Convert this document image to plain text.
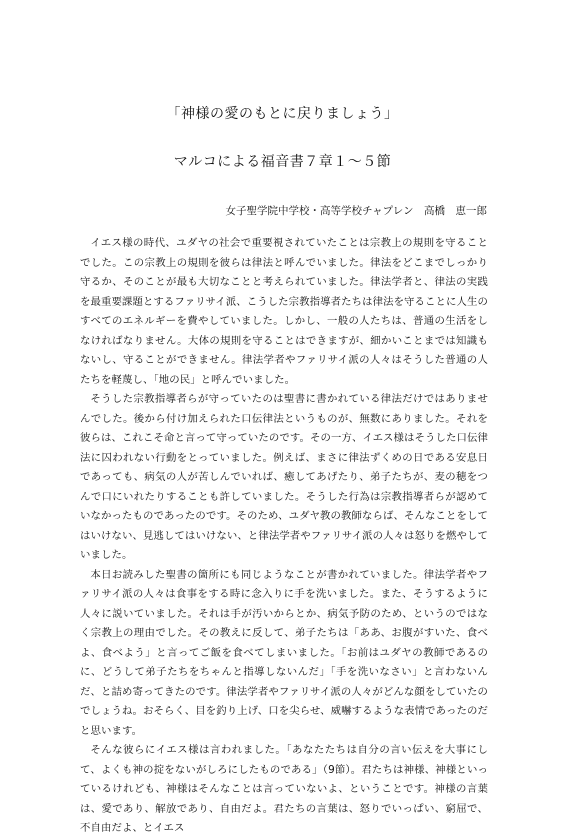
「神様の愛のもとに戻りましょう」
マルコによる福音書７章１～５節
女子聖学院中学校・高等学校チャプレン　高橋　恵一郎

イエス様の時代、ユダヤの社会で重要視されていたことは宗教上の規則を守ることでした。この宗教上の規則を彼らは律法と呼んでいました。律法をどこまでしっかり守るか、そのことが最も大切なことと考えられていました。律法学者と、律法の実践を最重要課題とするファリサイ派、こうした宗教指導者たちは律法を守ることに人生のすべてのエネルギーを費やしていました。しかし、一般の人たちは、普通の生活をしなければなりません。大体の規則を守ることはできますが、細かいことまでは知識もないし、守ることができません。律法学者やファリサイ派の人々はそうした普通の人たちを軽蔑し、「地の民」と呼んでいました。

そうした宗教指導者らが守っていたのは聖書に書かれている律法だけではありませんでした。後から付け加えられた口伝律法というものが、無数にありました。それを彼らは、これこそ命と言って守っていたのです。その一方、イエス様はそうした口伝律法に囚われない行動をとっていました。例えば、まさに律法ずくめの日である安息日であっても、病気の人が苦しんでいれば、癒してあげたり、弟子たちが、麦の穂をつんで口にいれたりすることも許していました。そうした行為は宗教指導者らが認めていなかったものであったのです。そのため、ユダヤ教の教師ならば、そんなことをしてはいけない、見逃してはいけない、と律法学者やファリサイ派の人々は怒りを燃やしていました。

本日お読みした聖書の箇所にも同じようなことが書かれていました。律法学者やファリサイ派の人々は食事をする時に念入りに手を洗いました。また、そうするように人々に説いていました。それは手が汚いからとか、病気予防のため、というのではなく宗教上の理由でした。その教えに反して、弟子たちは「ああ、お腹がすいた、食べよ、食べよう」と言ってご飯を食べてしまいました。「お前はユダヤの教師であるのに、どうして弟子たちをちゃんと指導しないんだ」「手を洗いなさい」と言わないんだ、と詰め寄ってきたのです。律法学者やファリサイ派の人々がどんな顔をしていたのでしょうね。おそらく、目を釣り上げ、口を尖らせ、威嚇するような表情であったのだと思います。

そんな彼らにイエス様は言われました。「あなたたちは自分の言い伝えを大事にして、よくも神の掟をないがしろにしたものである」（9節）。君たちは神様、神様といっているけれども、神様はそんなことは言っていないよ、ということです。神様の言葉は、愛であり、解放であり、自由だよ。君たちの言葉は、怒りでいっぱい、窮屈で、不自由だよ、とイエス
